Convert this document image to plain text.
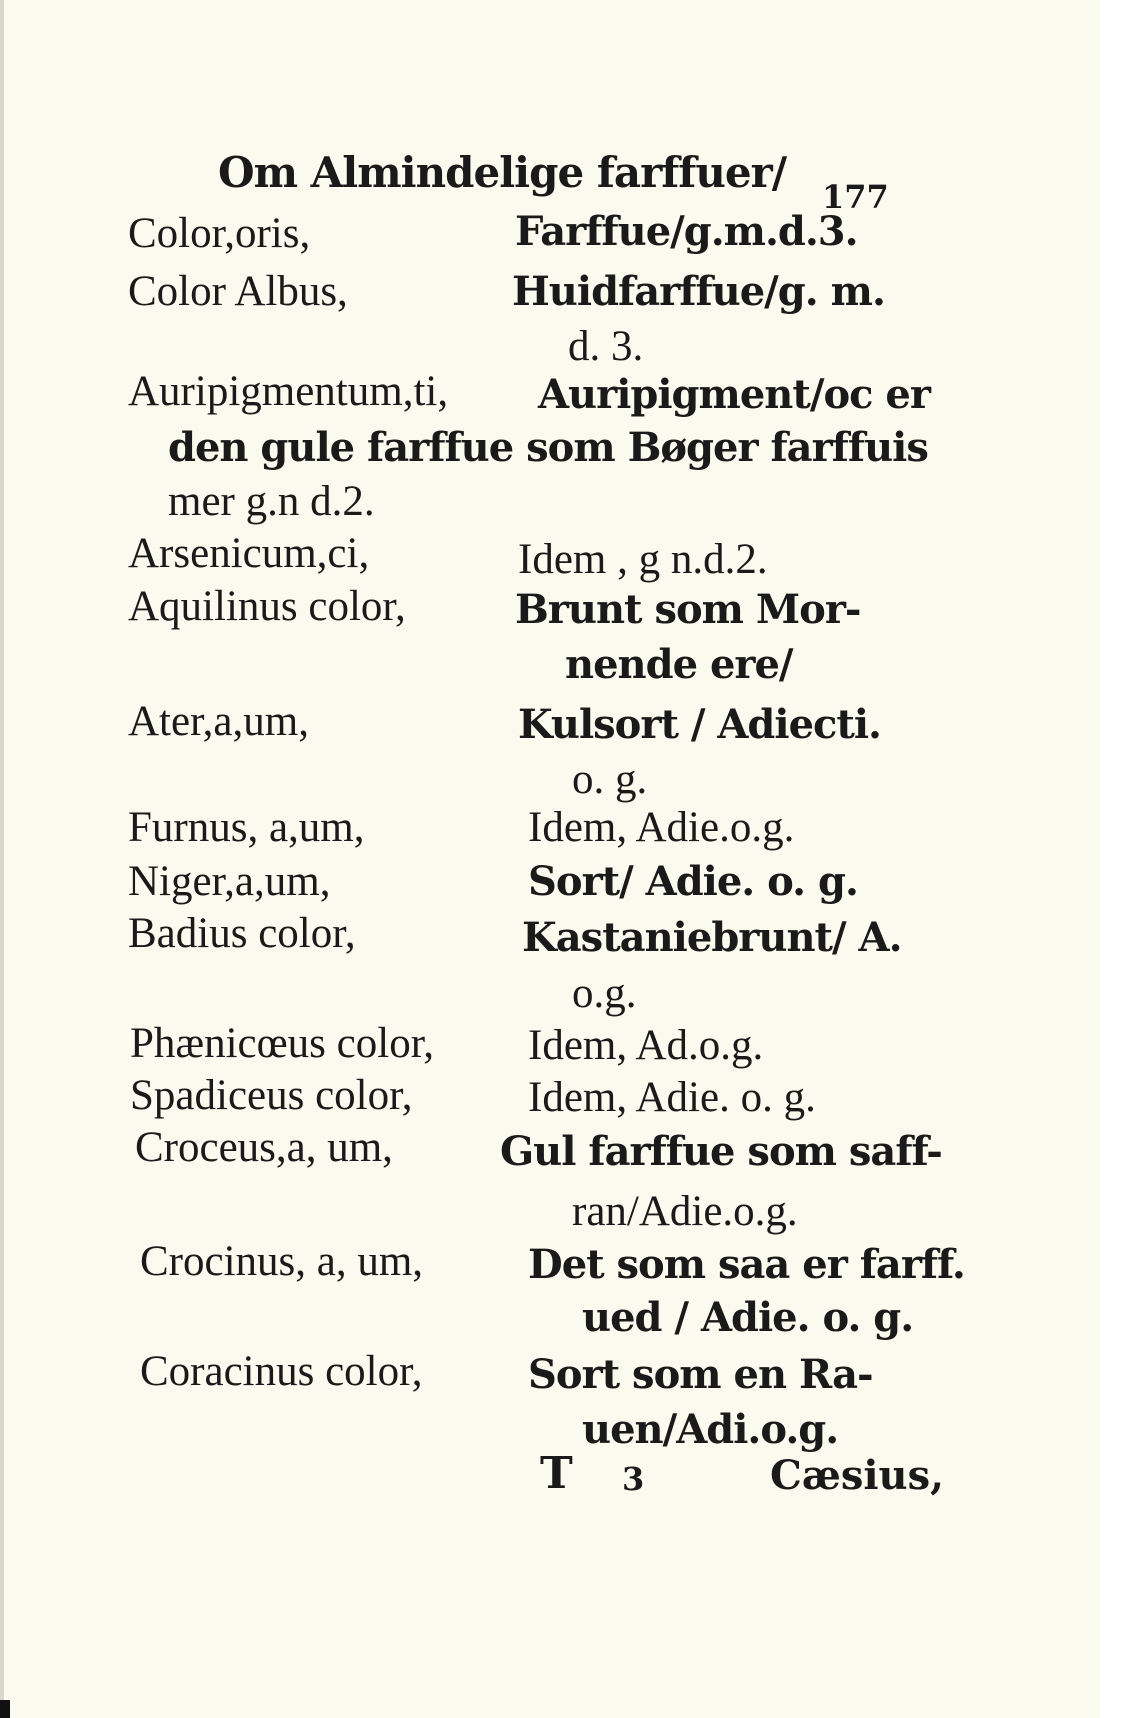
Om Almindelige farffuer/ 177
Color,oris,	Farffue/g.m.d.3.
Color Albus,	Huidfarffue/g. m.
d. 3.
Auripigmentum,ti, Auripigment/oc er
den gule farffue som Bøger farffuis
mer g.n d.2.
Arsenicum,ci,	Idem , g n.d.2.
Aquilinus color,	Brunt som Mor-
nende ere/
Ater,a,um,	Kulsort / Adiecti.
o. g.
Furnus, a,um,	Idem, Adie.o.g.
Niger,a,um,	Sort/ Adie. o. g.
Badius color,	Kastaniebrunt/ A.
o.g.
Phænicœus color, Idem, Ad.o.g.
Spadiceus color,	Idem, Adie. o. g.
Croceus,a, um,	Gul farffue som saff-
ran/Adie.o.g.
Crocinus, a, um,	Det som saa er farff.
ued / Adie. o. g.
Coracinus color,	Sort som en Ra-
uen/Adi.o.g.
T 3	Cæsius,
